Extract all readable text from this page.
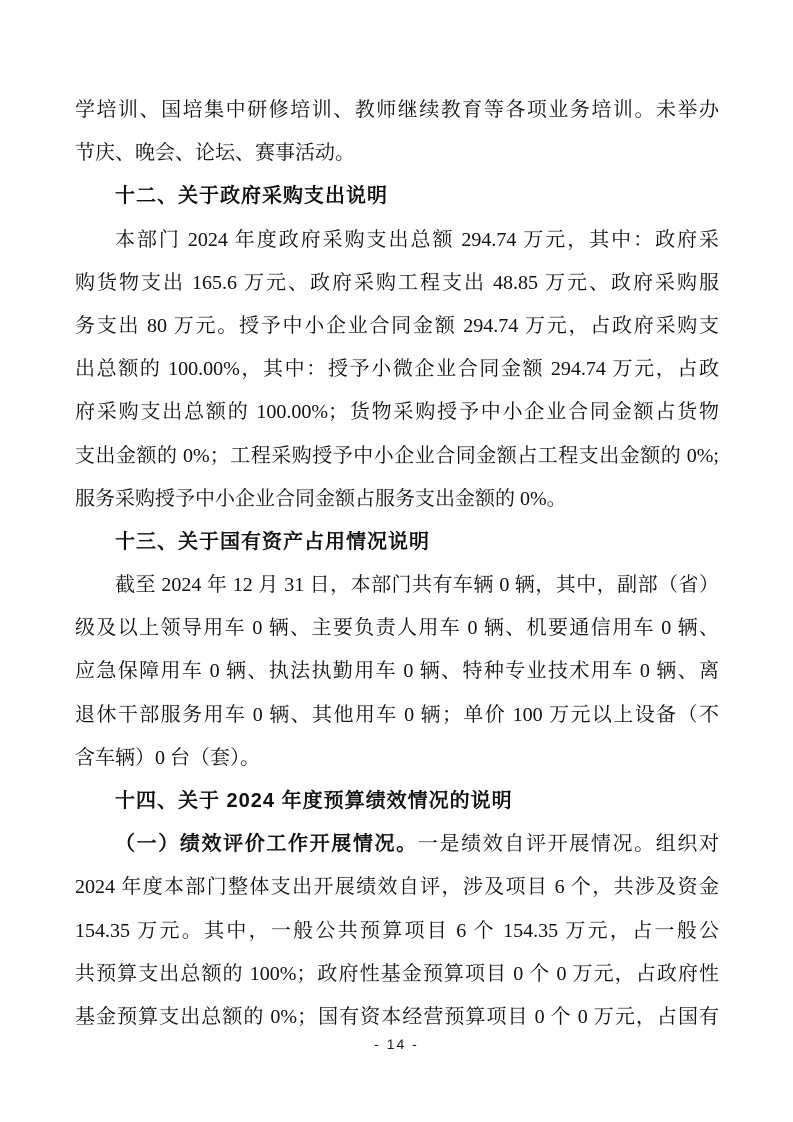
学培训、国培集中研修培训、教师继续教育等各项业务培训。未举办
节庆、晚会、论坛、赛事活动。
十二、关于政府采购支出说明
本部门 2024 年度政府采购支出总额 294.74 万元，其中：政府采
购货物支出 165.6 万元、政府采购工程支出 48.85 万元、政府采购服
务支出 80 万元。授予中小企业合同金额 294.74 万元，占政府采购支
出总额的 100.00%，其中：授予小微企业合同金额 294.74 万元，占政
府采购支出总额的 100.00%；货物采购授予中小企业合同金额占货物
支出金额的 0%；工程采购授予中小企业合同金额占工程支出金额的 0%;
服务采购授予中小企业合同金额占服务支出金额的 0%。
十三、关于国有资产占用情况说明
截至 2024 年 12 月 31 日，本部门共有车辆 0 辆，其中，副部（省）
级及以上领导用车 0 辆、主要负责人用车 0 辆、机要通信用车 0 辆、
应急保障用车 0 辆、执法执勤用车 0 辆、特种专业技术用车 0 辆、离
退休干部服务用车 0 辆、其他用车 0 辆；单价 100 万元以上设备（不
含车辆）0 台（套）。
十四、关于 2024 年度预算绩效情况的说明
（一）绩效评价工作开展情况。一是绩效自评开展情况。组织对
2024 年度本部门整体支出开展绩效自评，涉及项目 6 个，共涉及资金
154.35 万元。其中，一般公共预算项目 6 个 154.35 万元，占一般公
共预算支出总额的 100%；政府性基金预算项目 0 个 0 万元，占政府性
基金预算支出总额的 0%；国有资本经营预算项目 0 个 0 万元，占国有
- 14 -
